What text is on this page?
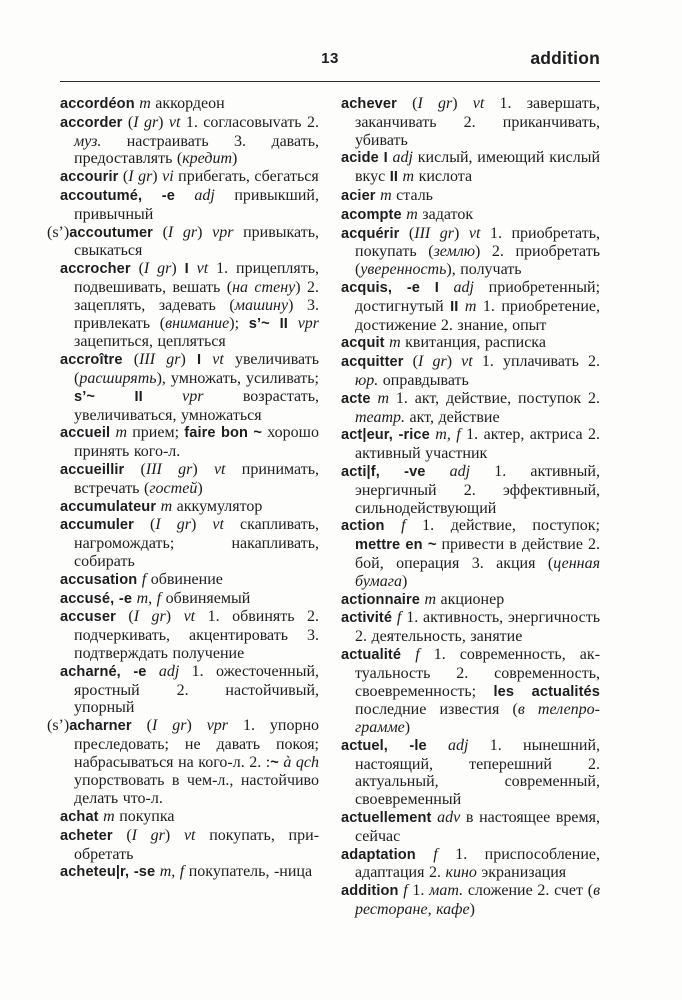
13	addition

accordéon m аккордеон

accorder (I gr) vt 1. согласовыvать 2. муз. настраивать 3. давать, предоставлять (кредит)

accourir (I gr) vi прибегать, сбегаться

accoutumé, -e adj привыкший, привычный

(s’)accoutumer (I gr) vpr привыкать, свыкаться

accrocher (I gr) I vt 1. прицеплять, подвешивать, вешать (на стену) 2. зацеплять, задевать (машину) 3. привлекать (внимание); s’~ II vpr зацепиться, цепляться

accroître (III gr) I vt увеличивать (расширять), умножать, усиливать; s’~ II vpr возрастать, увеличиваться, умножаться

accueil m прием; faire bon ~ хорошо принять кого-л.

accueillir (III gr) vt принимать, встречать (гостей)

accumulateur m аккумулятор

accumuler (I gr) vt скапливать, нагромождать; накапливать, собирать

accusation f обвинение

accusé, -e m, f обвиняемый

accuser (I gr) vt 1. обвинять 2. подчеркивать, акцентировать 3. подтверждать получение

acharné, -e adj 1. ожесточенный, яростный 2. настойчивый, упорный

(s’)acharner (I gr) vpr 1. упорно преследовать; не давать покоя; набрасываться на кого-л. 2. :~ à qch упорствовать в чем-л., настойчиво делать что-л.

achat m покупка

acheter (I gr) vt покупать, приобретать

acheteu|r, -se m, f покупатель, -ница

achever (I gr) vt 1. завершать, заканчивать 2. приканчивать, убивать

acide I adj кислый, имеющий кислый вкус II m кислота

acier m сталь

acompte m задаток

acquérir (III gr) vt 1. приобретать, покупать (землю) 2. приобретать (уверенность), получать

acquis, -e I adj приобретенный; достигнутый II m 1. приобретение, достижение 2. знание, опыт

acquit m квитанция, расписка

acquitter (I gr) vt 1. уплачивать 2. юр. оправдывать

acte m 1. акт, действие, поступок 2. театр. акт, действие

act|eur, -rice m, f 1. актер, актриса 2. активный участник

acti|f, -ve adj 1. активный, энергичный 2. эффективный, сильнодействующий

action f 1. действие, поступок; mettre en ~ привести в действие 2. бой, операция 3. акция (ценная бумага)

actionnaire m акционер

activité f 1. активность, энергичность 2. деятельность, занятие

actualité f 1. современность, актуальность 2. современность, своевременность; les actualités последние известия (в телепрограмме)

actuel, -le adj 1. нынешний, настоящий, теперешний 2. актуальный, современный, своевременный

actuellement adv в настоящее время, сейчас

adaptation f 1. приспособление, адаптация 2. кино экранизация

addition f 1. мат. сложение 2. счет (в ресторане, кафе)
